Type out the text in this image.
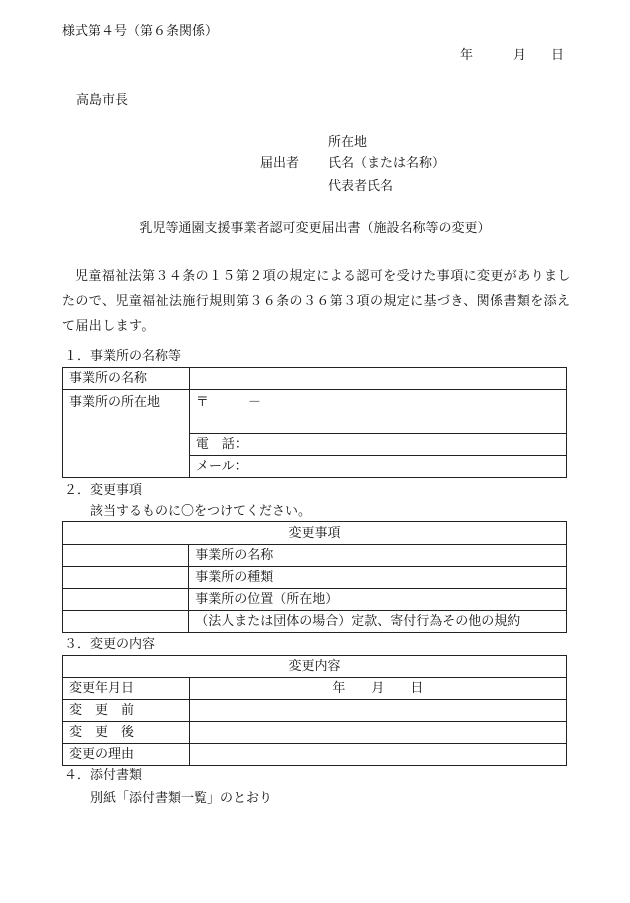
様式第４号（第６条関係）
年	月 日
高島市長
所在地
届出者 氏名（または名称）
代表者氏名
乳児等通園支援事業者認可変更届出書（施設名称等の変更）

児童福祉法第３４条の１５第２項の規定による認可を受けた事項に変更がありましたので、児童福祉法施行規則第３６条の３６第３項の規定に基づき、関係書類を添えて届出します。

１．事業所の名称等
事業所の名称	
事業所の所在地	〒　　　－
	電　話：
	メール：
２．変更事項
該当するものに〇をつけてください。
変更事項	
	事業所の名称
	事業所の種類
	事業所の位置（所在地）
	（法人または団体の場合）定款、寄付行為その他の規約
３．変更の内容
変更内容	
変更年月日	年　　月　　日
変　更　前	
変　更　後	
変更の理由	
４．添付書類
別紙「添付書類一覧」のとおり
